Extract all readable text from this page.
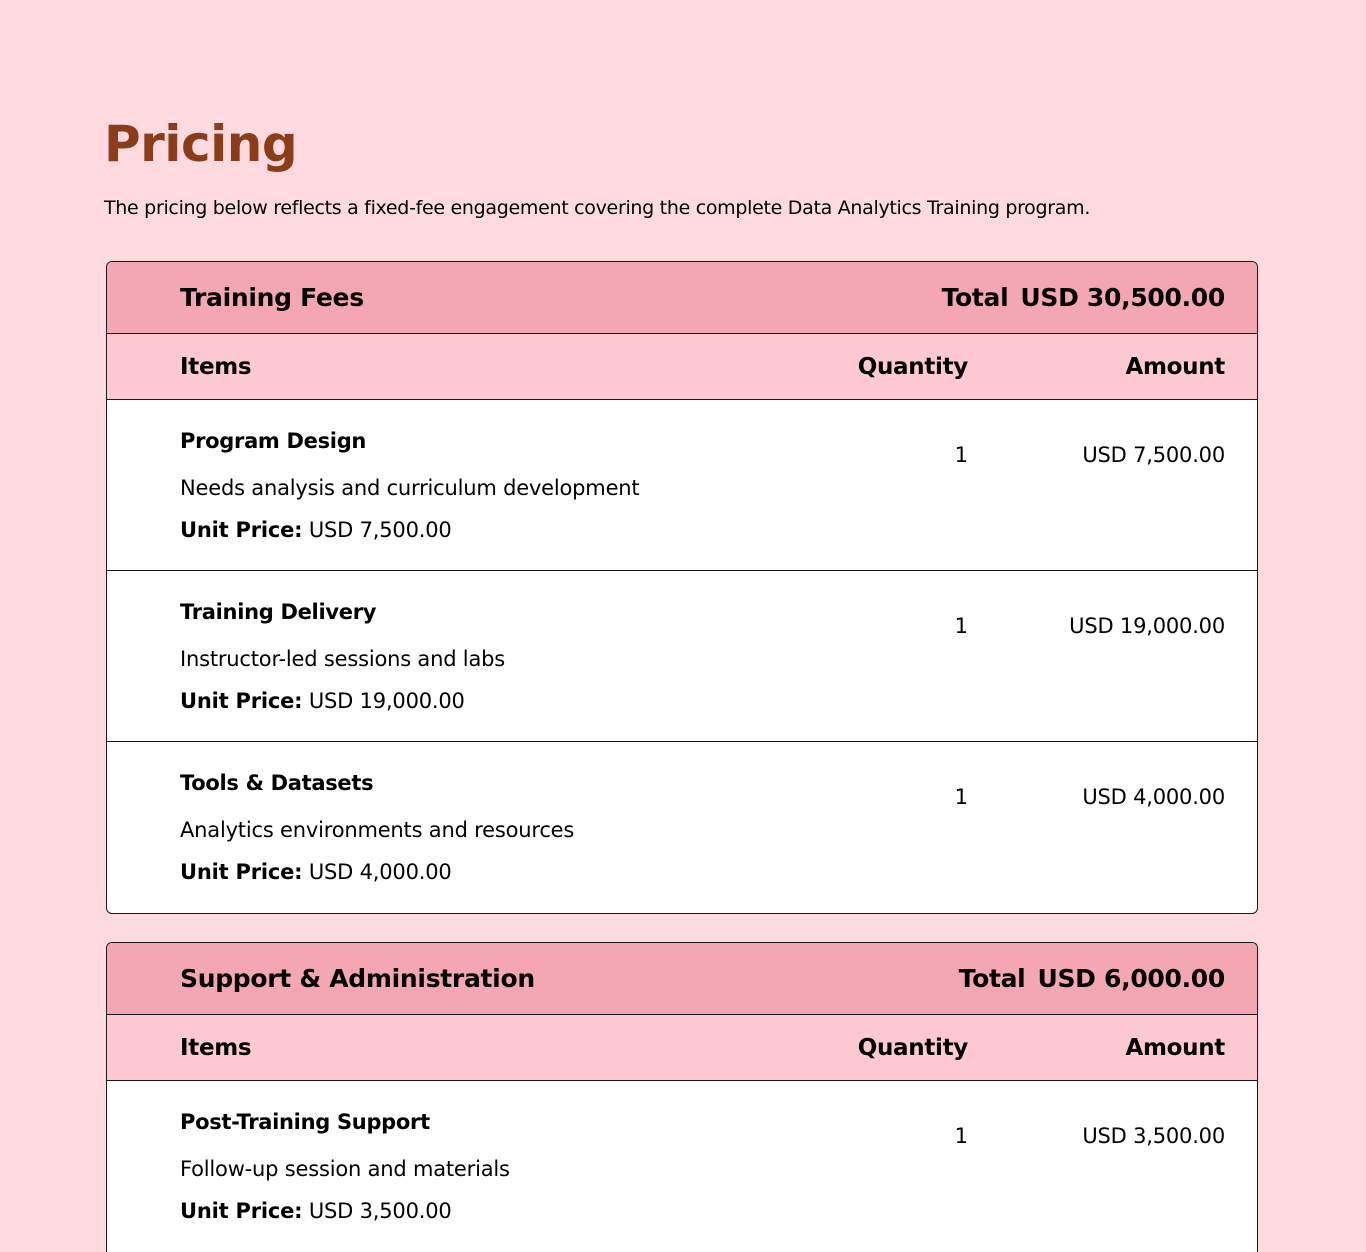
Pricing

The pricing below reflects a fixed-fee engagement covering the complete Data Analytics Training program.

Training Fees	Total USD 30,500.00
Items	Quantity	Amount
Program Design
Needs analysis and curriculum development
Unit Price: USD 7,500.00
1	USD 7,500.00
Training Delivery
Instructor-led sessions and labs
Unit Price: USD 19,000.00
1	USD 19,000.00
Tools & Datasets
Analytics environments and resources
Unit Price: USD 4,000.00
1	USD 4,000.00
Support & Administration	Total USD 6,000.00
Items	Quantity	Amount
Post-Training Support
Follow-up session and materials
Unit Price: USD 3,500.00
1	USD 3,500.00
